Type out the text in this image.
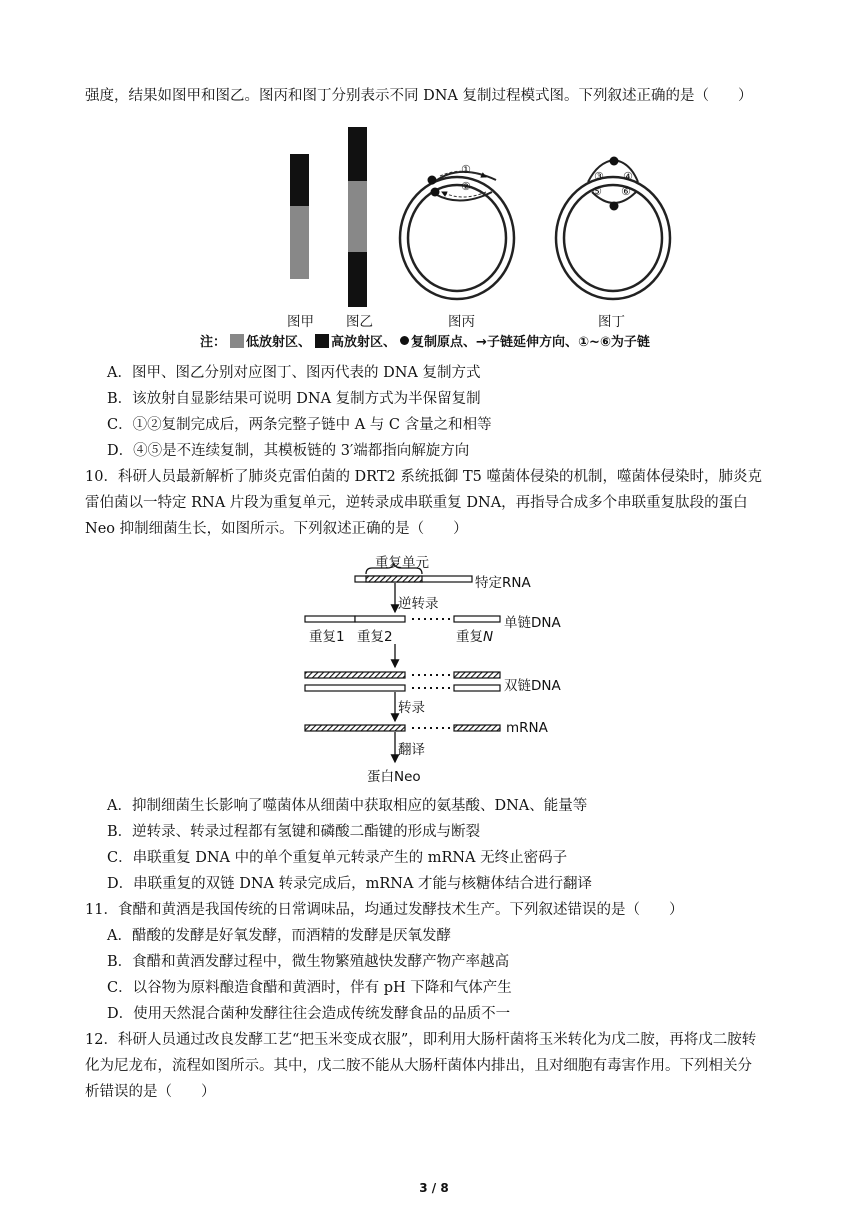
强度，结果如图甲和图乙。图丙和图丁分别表示不同 DNA 复制过程模式图。下列叙述正确的是（　　）
①
②
③ ④
⑤ ⑥
图甲 图乙	图丙	图丁
注： 低放射区、 高放射区、 复制原点、→子链延伸方向、①~⑥为子链
A．图甲、图乙分别对应图丁、图丙代表的 DNA 复制方式
B．该放射自显影结果可说明 DNA 复制方式为半保留复制
C．①②复制完成后，两条完整子链中 A 与 C 含量之和相等
D．④⑤是不连续复制，其模板链的 3′端都指向解旋方向
10．科研人员最新解析了肺炎克雷伯菌的 DRT2 系统抵御 T5 噬菌体侵染的机制，噬菌体侵染时，肺炎克
雷伯菌以一特定 RNA 片段为重复单元，逆转录成串联重复 DNA，再指导合成多个串联重复肽段的蛋白
Neo 抑制细菌生长，如图所示。下列叙述正确的是（　　）
重复单元
特定RNA
逆转录
单链DNA
重复1 重复2	重复N
双链DNA
转录
mRNA
翻译
蛋白Neo
A．抑制细菌生长影响了噬菌体从细菌中获取相应的氨基酸、DNA、能量等
B．逆转录、转录过程都有氢键和磷酸二酯键的形成与断裂
C．串联重复 DNA 中的单个重复单元转录产生的 mRNA 无终止密码子
D．串联重复的双链 DNA 转录完成后，mRNA 才能与核糖体结合进行翻译
11．食醋和黄酒是我国传统的日常调味品，均通过发酵技术生产。下列叙述错误的是（　　）
A．醋酸的发酵是好氧发酵，而酒精的发酵是厌氧发酵
B．食醋和黄酒发酵过程中，微生物繁殖越快发酵产物产率越高
C．以谷物为原料酿造食醋和黄酒时，伴有 pH 下降和气体产生
D．使用天然混合菌种发酵往往会造成传统发酵食品的品质不一
12．科研人员通过改良发酵工艺“把玉米变成衣服”，即利用大肠杆菌将玉米转化为戊二胺，再将戊二胺转
化为尼龙布，流程如图所示。其中，戊二胺不能从大肠杆菌体内排出，且对细胞有毒害作用。下列相关分
析错误的是（　　）
3 / 8
